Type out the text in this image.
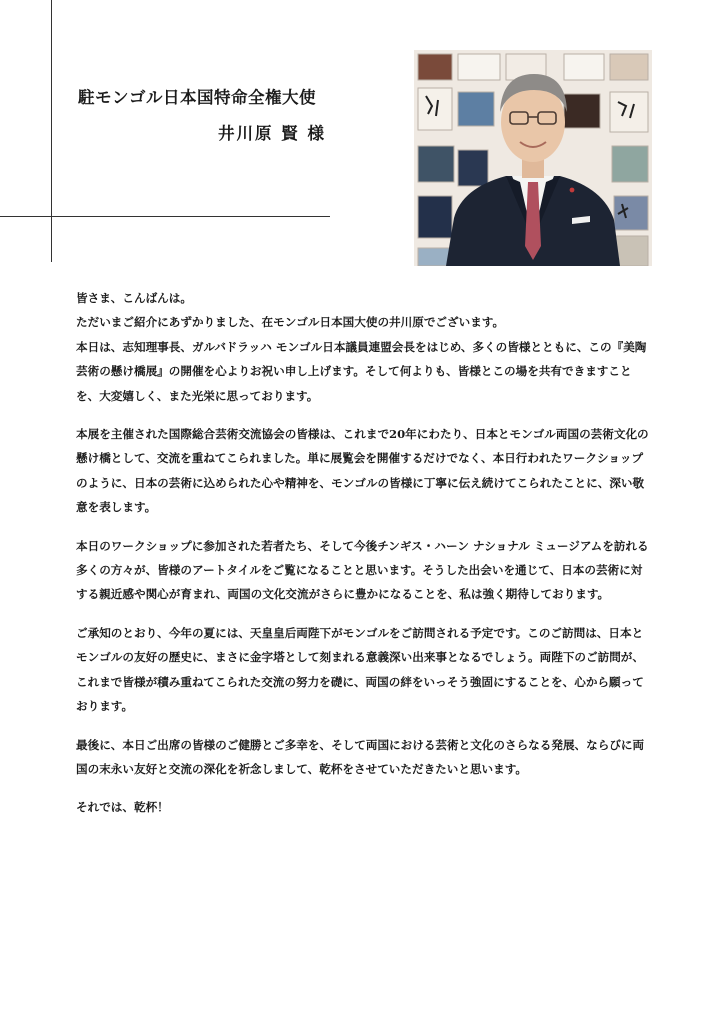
駐モンゴル日本国特命全権大使
井川原 賢 様

皆さま、こんばんは。

ただいまご紹介にあずかりました、在モンゴル日本国大使の井川原でございます。

本日は、志知理事長、ガルバドラッハ モンゴル日本議員連盟会長をはじめ、多くの皆様とともに、この『美陶 芸術の懸け橋展』の開催を心よりお祝い申し上げます。そして何よりも、皆様とこの場を共有できますことを、大変嬉しく、また光栄に思っております。

本展を主催された国際総合芸術交流協会の皆様は、これまで20年にわたり、日本とモンゴル両国の芸術文化の懸け橋として、交流を重ねてこられました。単に展覧会を開催するだけでなく、本日行われたワークショップのように、日本の芸術に込められた心や精神を、モンゴルの皆様に丁寧に伝え続けてこられたことに、深い敬意を表します。

本日のワークショップに参加された若者たち、そして今後チンギス・ハーン ナショナル ミュージアムを訪れる多くの方々が、皆様のアートタイルをご覧になることと思います。そうした出会いを通じて、日本の芸術に対する親近感や関心が育まれ、両国の文化交流がさらに豊かになることを、私は強く期待しております。

ご承知のとおり、今年の夏には、天皇皇后両陛下がモンゴルをご訪問される予定です。このご訪問は、日本とモンゴルの友好の歴史に、まさに金字塔として刻まれる意義深い出来事となるでしょう。両陛下のご訪問が、これまで皆様が積み重ねてこられた交流の努力を礎に、両国の絆をいっそう強固にすることを、心から願っております。

最後に、本日ご出席の皆様のご健勝とご多幸を、そして両国における芸術と文化のさらなる発展、ならびに両国の末永い友好と交流の深化を祈念しまして、乾杯をさせていただきたいと思います。

それでは、乾杯！
